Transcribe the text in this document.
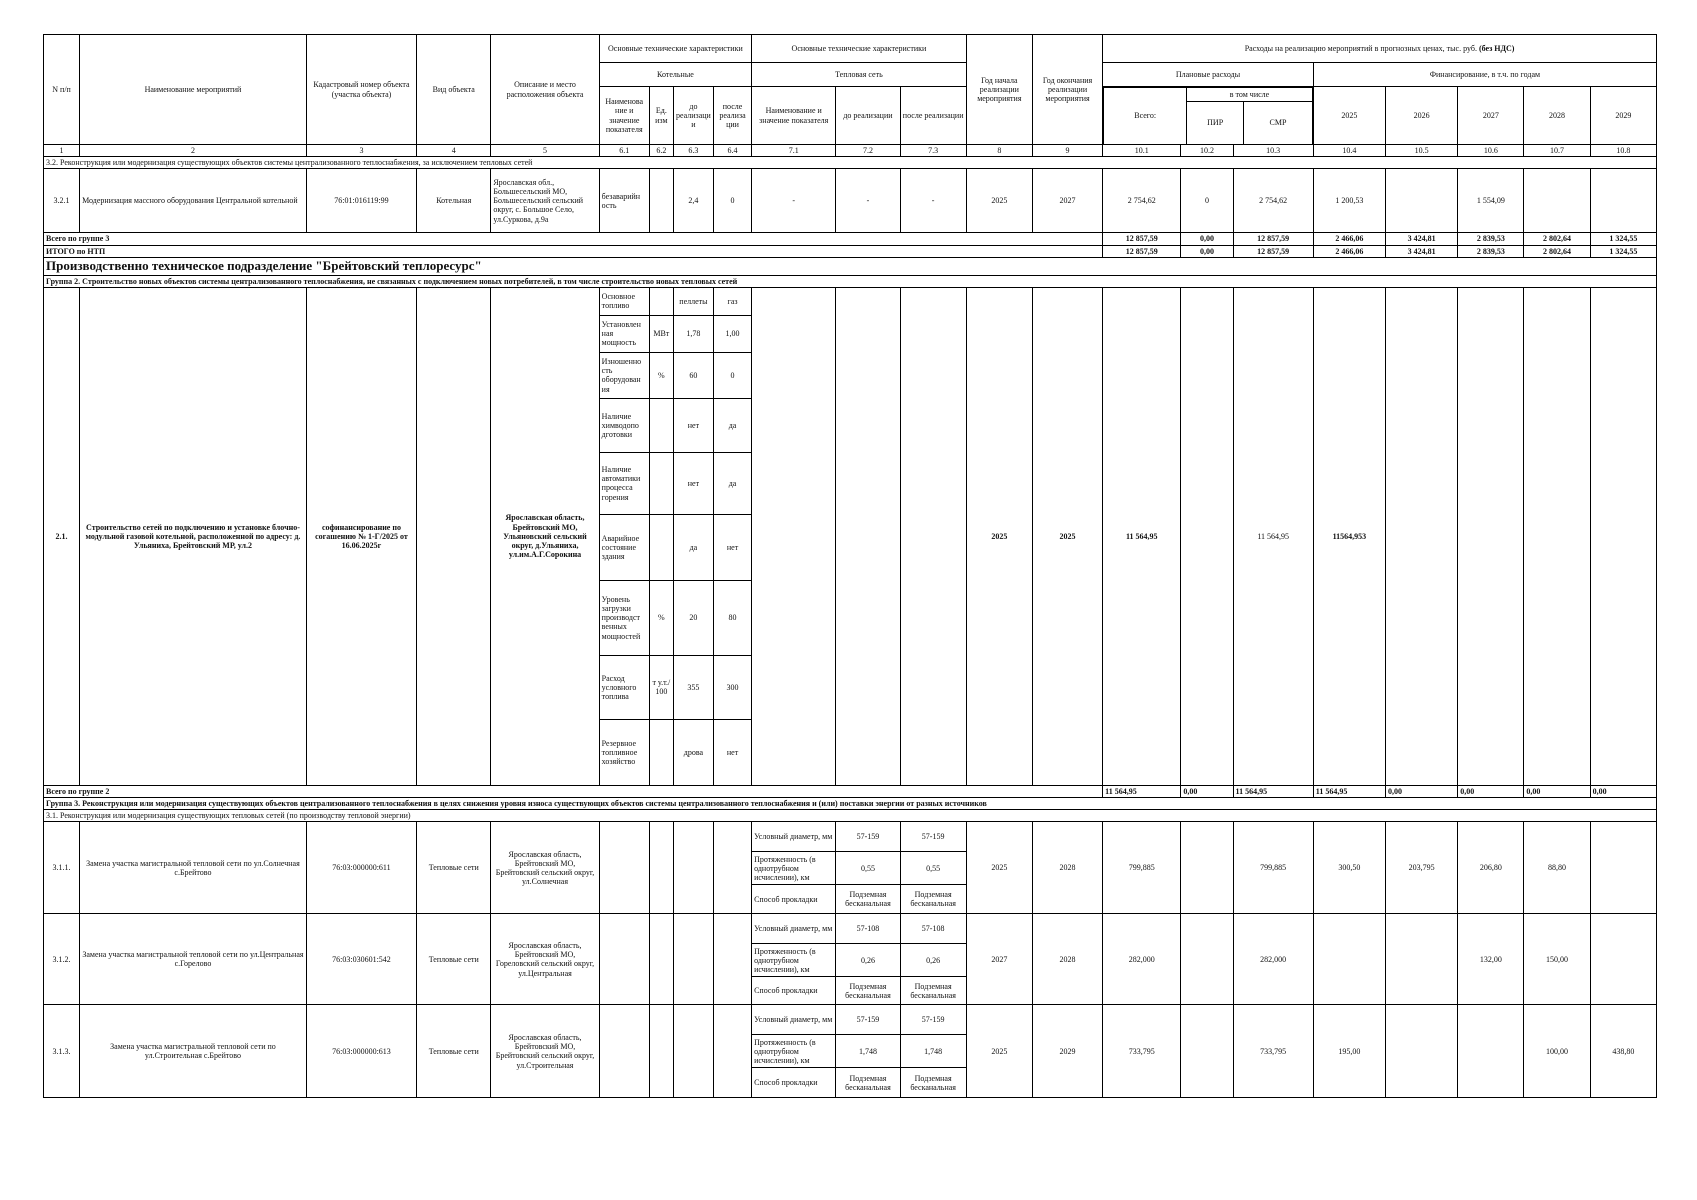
N п/п	Наименование мероприятий	Кадастровый номер объекта (участка объекта)	Вид объекта	Описание и место расположения объекта	Основные технические характеристики	Основные технические характеристики	Год начала реализации мероприятия	Год окончания реализации мероприятия	Расходы на реализацию мероприятий в прогнозных ценах, тыс. руб. (без НДС)
Котельные	Тепловая сеть	Плановые расходы	Финансирование, в т.ч. по годам
Наименова ние и значение показателя	Ед. изм	до реализаци и	после реализа ции	Наименование и значение показателя	до реализации	после реализации		Всего:	в том числе
ПИР	СМР
	2025	2026	2027	2028	2029
1	2	3	4	5	6.1	6.2	6.3	6.4	7.1	7.2	7.3	8	9	10.1	10.2	10.3	10.4	10.5	10.6	10.7	10.8
3.2. Реконструкция или модернизация существующих объектов системы централизованного теплоснабжения, за исключением тепловых сетей
3.2.1	Модернизация массного оборудования Центральной котельной	76:01:016119:99	Котельная	Ярославская обл., Большесельский МО, Большесельский сельский округ, с. Большое Село, ул.Суркова, д.9а	безаварийн ость		2,4	0	-	-	-	2025	2027	2 754,62	0	2 754,62	1 200,53		1 554,09		
Всего по группе 3	12 857,59	0,00	12 857,59	2 466,06	3 424,81	2 839,53	2 802,64	1 324,55
ИТОГО по НТП	12 857,59	0,00	12 857,59	2 466,06	3 424,81	2 839,53	2 802,64	1 324,55
Производственно техническое подразделение "Брейтовский теплоресурс"
Группа 2. Строительство новых объектов системы централизованного теплоснабжения, не связанных с подключением новых потребителей, в том числе строительство новых тепловых сетей
2.1.	Строительство сетей по подключению и установке блочно-модульной газовой котельной, расположенной по адресу: д. Ульяниха, Брейтовский МР, ул.2	софинансирование по согашению № 1-Г/2025 от 16.06.2025г		Ярославская область, Брейтовский МО, Ульяновский сельский округ, д.Ульяниха, ул.им.А.Г.Сорокина	Основное топливо		пеллеты	газ				2025	2025	11 564,95		11 564,95	11564,953				
Установлен ная мощность	МВт	1,78	1,00
Изношенно сть оборудован ия	%	60	0
Наличие химводопо дготовки		нет	да
Наличие автоматики процесса горения		нет	да
Аварийное состояние здания		да	нет
Уровень загрузки производст венных мощностей	%	20	80
Расход условного топлива	т у.т./ 100	355	300
Резервное топливное хозяйство		дрова	нет
Всего по группе 2	11 564,95	0,00	11 564,95	11 564,95	0,00	0,00	0,00	0,00
Группа 3. Реконструкция или модернизация существующих объектов централизованного теплоснабжения в целях снижения уровня износа существующих объектов системы централизованного теплоснабжения и (или) поставки энергии от разных источников
3.1. Реконструкция или модернизация существующих тепловых сетей (по производству тепловой энергии)
3.1.1.	Замена участка магистральной тепловой сети по ул.Солнечная с.Брейтово	76:03:000000:611	Тепловые сети	Ярославская область, Брейтовский МО, Брейтовский сельский округ, ул.Солнечная					Условный диаметр, мм	57-159	57-159	2025	2028	799,885		799,885	300,50	203,795	206,80	88,80	
Протяженность (в однотрубном исчислении), км	0,55	0,55
Способ прокладки	Подземная бесканальная	Подземная бесканальная
3.1.2.	Замена участка магистральной тепловой сети по ул.Центральная с.Горелово	76:03:030601:542	Тепловые сети	Ярославская область, Брейтовский МО, Гореловский сельский округ, ул.Центральная					Условный диаметр, мм	57-108	57-108	2027	2028	282,000		282,000			132,00	150,00	
Протяженность (в однотрубном исчислении), км	0,26	0,26
Способ прокладки	Подземная бесканальная	Подземная бесканальная
3.1.3.	Замена участка магистральной тепловой сети по ул.Строительная с.Брейтово	76:03:000000:613	Тепловые сети	Ярославская область, Брейтовский МО, Брейтовский сельский округ, ул.Строительная					Условный диаметр, мм	57-159	57-159	2025	2029	733,795		733,795	195,00			100,00	438,80
Протяженность (в однотрубном исчислении), км	1,748	1,748
Способ прокладки	Подземная бесканальная	Подземная бесканальная
